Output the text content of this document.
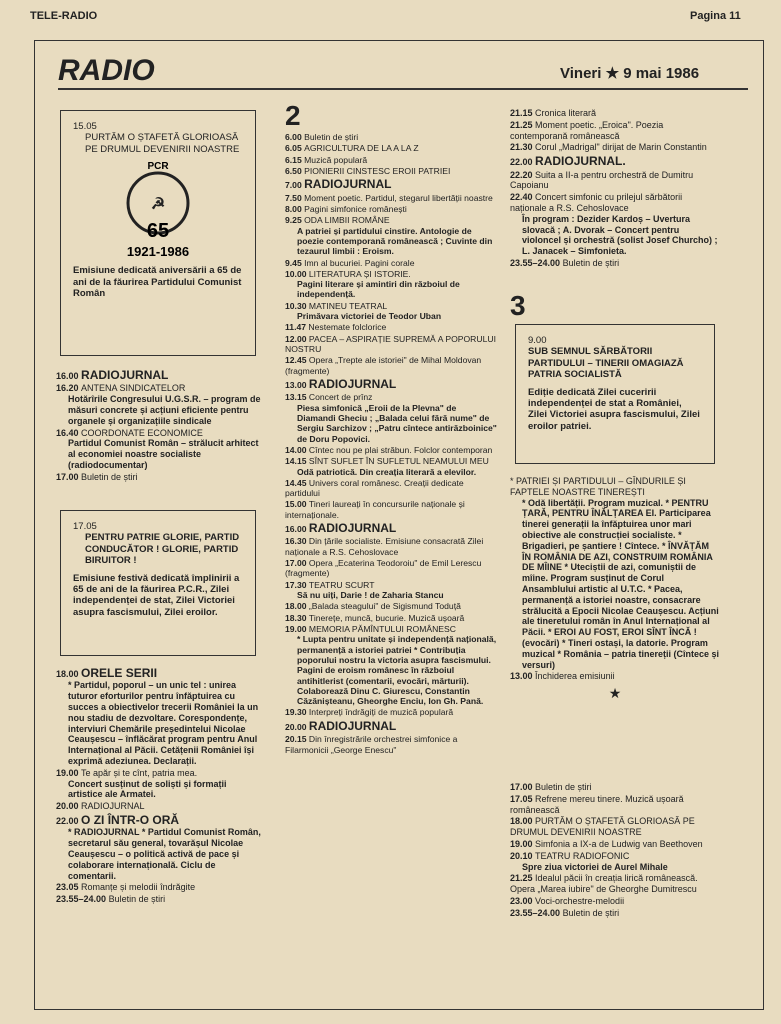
TELE-RADIO	Pagina 11
RADIO	Vineri ★ 9 mai 1986
15.05
PURTĂM O ȘTAFETĂ GLORIOASĂ PE DRUMUL DEVENIRII NOASTRE
PCR
☭
65
1921-1986
Emisiune dedicată aniversării a 65 de ani de la făurirea Partidului Comunist Român
16.00 RADIOJURNAL
16.20 ANTENA SINDICATELOR
Hotărîrile Congresului U.G.S.R. – program de măsuri concrete și acțiuni eficiente pentru organele și organizațiile sindicale
16.40 COORDONATE ECONOMICE
Partidul Comunist Român – strălucit arhitect al economiei noastre socialiste (radiodocumentar)
17.00 Buletin de știri
17.05
PENTRU PATRIE GLORIE, PARTID CONDUCĂTOR ! GLORIE, PARTID BIRUITOR !
Emisiune festivă dedicată împlinirii a 65 de ani de la făurirea P.C.R., Zilei independenței de stat, Zilei Victoriei asupra fascismului, Zilei eroilor.
18.00 ORELE SERII
* Partidul, poporul – un unic tel : unirea tuturor eforturilor pentru înfăptuirea cu succes a obiectivelor trecerii României la un nou stadiu de dezvoltare. Corespondențe, interviuri Chemările președintelui Nicolae Ceaușescu – înflăcărat program pentru Anul Internațional al Păcii. Cetățenii României își exprimă adeziunea. Declarații.
19.00 Te apăr și te cînt, patria mea.
Concert susținut de soliști și formații artistice ale Armatei.
20.00 RADIOJURNAL
22.00 O ZI ÎNTR-O ORĂ
* RADIOJURNAL * Partidul Comunist Român, secretarul său general, tovarășul Nicolae Ceaușescu – o politică activă de pace și colaborare internațională. Ciclu de comentarii.
23.05 Romanțe și melodii îndrăgite
23.55–24.00 Buletin de știri
2
6.00 Buletin de știri
6.05 AGRICULTURA DE LA A LA Z
6.15 Muzică populară
6.50 PIONIERII CINSTESC EROII PATRIEI
7.00 RADIOJURNAL
7.50 Moment poetic. Partidul, stegarul libertății noastre
8.00 Pagini simfonice românești
9.25 ODA LIMBII ROMÂNE
A patriei și partidului cinstire. Antologie de poezie contemporană românească ; Cuvinte din tezaurul limbii : Eroism.
9.45 Imn al bucuriei. Pagini corale
10.00 LITERATURA ȘI ISTORIE.
Pagini literare și amintiri din războiul de independență.
10.30 MATINEU TEATRAL
Primăvara victoriei de Teodor Uban
11.47 Nestemate folclorice
12.00 PACEA – ASPIRAȚIE SUPREMĂ A POPORULUI NOSTRU
12.45 Opera „Trepte ale istoriei" de Mihal Moldovan (fragmente)
13.00 RADIOJURNAL
13.15 Concert de prînz
Piesa simfonică „Eroii de la Plevna" de Diamandi Gheciu ; „Balada celui fără nume" de Sergiu Sarchizov ; „Patru cîntece antirăzboinice" de Doru Popovici.
14.00 Cîntec nou pe plai străbun. Folclor contemporan
14.15 SÎNT SUFLET ÎN SUFLETUL NEAMULUI MEU
Odă patriotică. Din creația literară a elevilor.
14.45 Univers coral românesc. Creații dedicate partidului
15.00 Tineri laureați în concursurile naționale și internaționale.
16.00 RADIOJURNAL
16.30 Din țările socialiste. Emisiune consacrată Zilei naționale a R.S. Cehoslovace
17.00 Opera „Ecaterina Teodoroiu" de Emil Lerescu (fragmente)
17.30 TEATRU SCURT
Să nu uiți, Darie ! de Zaharia Stancu
18.00 „Balada steagului" de Sigismund Toduță
18.30 Tinerețe, muncă, bucurie. Muzică ușoară
19.00 MEMORIA PĂMÎNTULUI ROMÂNESC
* Lupta pentru unitate și independență națională, permanență a istoriei patriei * Contribuția poporului nostru la victoria asupra fascismului. Pagini de eroism românesc în războiul antihitlerist (comentarii, evocări, mărturii). Colaborează Dinu C. Giurescu, Constantin Căzănișteanu, Gheorghe Enciu, Ion Gh. Pană.
19.30 Interpreți îndrăgiți de muzică populară
20.00 RADIOJURNAL
20.15 Din înregistrările orchestrei simfonice a Filarmonicii „George Enescu"
21.15 Cronica literară
21.25 Moment poetic. „Eroica". Poezia contemporană românească
21.30 Corul „Madrigal" dirijat de Marin Constantin
22.00 RADIOJURNAL.
22.20 Suita a II-a pentru orchestră de Dumitru Capoianu
22.40 Concert simfonic cu prilejul sărbătorii naționale a R.S. Cehoslovace
În program : Dezider Kardoș – Uvertura slovacă ; A. Dvorak – Concert pentru violoncel și orchestră (solist Josef Churcho) ; L. Janacek – Simfonieta.
23.55–24.00 Buletin de știri
3
9.00
SUB SEMNUL SĂRBĂTORII PARTIDULUI – TINERII OMAGIAZĂ PATRIA SOCIALISTĂ
Ediție dedicată Zilei cuceririi independenței de stat a României, Zilei Victoriei asupra fascismului, Zilei eroilor patriei.
* PATRIEI ȘI PARTIDULUI – GÎNDURILE ȘI FAPTELE NOASTRE TINEREȘTI
* Odă libertății. Program muzical. * PENTRU ȚARĂ, PENTRU ÎNĂLȚAREA EI. Participarea tinerei generații la înfăptuirea unor mari obiective ale construcției socialiste. * Brigadieri, pe șantiere ! Cîntece. * ÎNVĂȚĂM ÎN ROMÂNIA DE AZI, CONSTRUIM ROMÂNIA DE MÎINE * Uteciștii de azi, comuniștii de mîine. Program susținut de Corul Ansamblului artistic al U.T.C. * Pacea, permanență a istoriei noastre, consacrare strălucită a Epocii Nicolae Ceaușescu. Acțiuni ale tineretului român în Anul Internațional al Păcii. * EROI AU FOST, EROI SÎNT ÎNCĂ ! (evocări) * Tineri ostași, la datorie. Program muzical * România – patria tinereții (Cîntece și versuri)
13.00 Închiderea emisiunii
★
17.00 Buletin de știri
17.05 Refrene mereu tinere. Muzică ușoară românească
18.00 PURTĂM O ȘTAFETĂ GLORIOASĂ PE DRUMUL DEVENIRII NOASTRE
19.00 Simfonia a IX-a de Ludwig van Beethoven
20.10 TEATRU RADIOFONIC
Spre ziua victoriei de Aurel Mihale
21.25 Idealul păcii în creația lirică românească. Opera „Marea iubire" de Gheorghe Dumitrescu
23.00 Voci-orchestre-melodii
23.55–24.00 Buletin de știri
